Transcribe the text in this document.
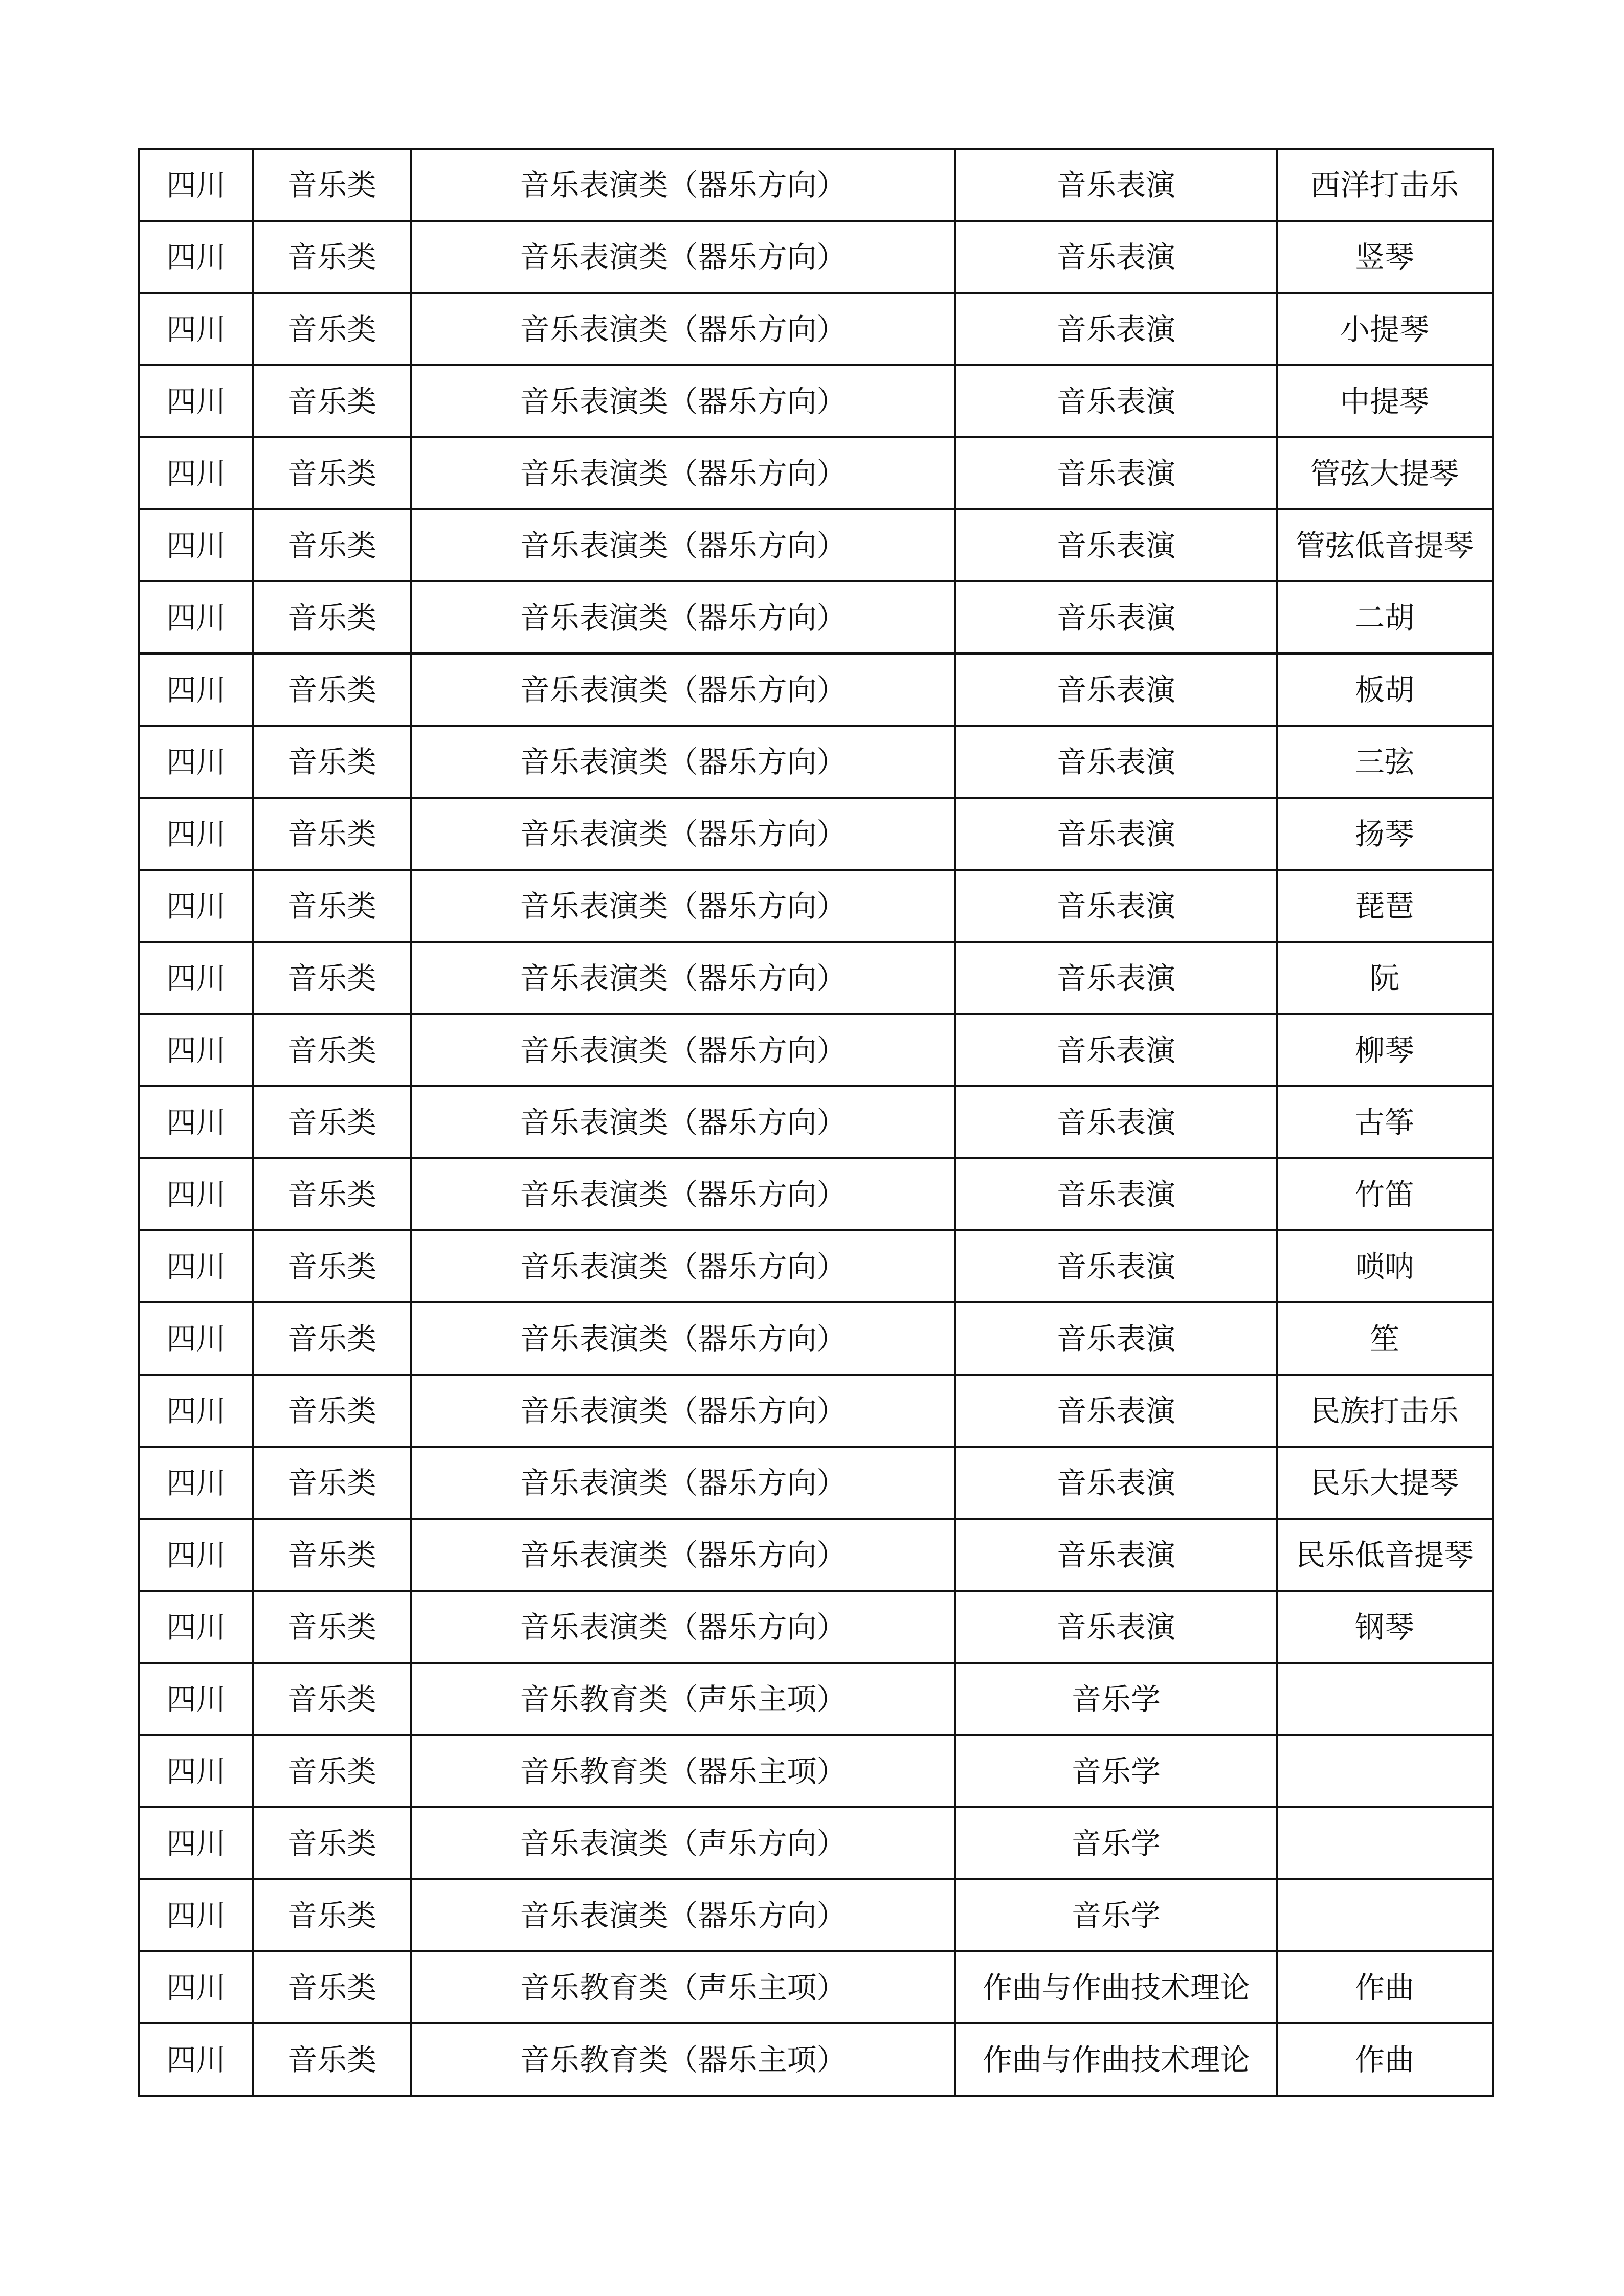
四川	音乐类	音乐表演类（器乐方向）	音乐表演	西洋打击乐
四川	音乐类	音乐表演类（器乐方向）	音乐表演	竖琴
四川	音乐类	音乐表演类（器乐方向）	音乐表演	小提琴
四川	音乐类	音乐表演类（器乐方向）	音乐表演	中提琴
四川	音乐类	音乐表演类（器乐方向）	音乐表演	管弦大提琴
四川	音乐类	音乐表演类（器乐方向）	音乐表演	管弦低音提琴
四川	音乐类	音乐表演类（器乐方向）	音乐表演	二胡
四川	音乐类	音乐表演类（器乐方向）	音乐表演	板胡
四川	音乐类	音乐表演类（器乐方向）	音乐表演	三弦
四川	音乐类	音乐表演类（器乐方向）	音乐表演	扬琴
四川	音乐类	音乐表演类（器乐方向）	音乐表演	琵琶
四川	音乐类	音乐表演类（器乐方向）	音乐表演	阮
四川	音乐类	音乐表演类（器乐方向）	音乐表演	柳琴
四川	音乐类	音乐表演类（器乐方向）	音乐表演	古筝
四川	音乐类	音乐表演类（器乐方向）	音乐表演	竹笛
四川	音乐类	音乐表演类（器乐方向）	音乐表演	唢呐
四川	音乐类	音乐表演类（器乐方向）	音乐表演	笙
四川	音乐类	音乐表演类（器乐方向）	音乐表演	民族打击乐
四川	音乐类	音乐表演类（器乐方向）	音乐表演	民乐大提琴
四川	音乐类	音乐表演类（器乐方向）	音乐表演	民乐低音提琴
四川	音乐类	音乐表演类（器乐方向）	音乐表演	钢琴
四川	音乐类	音乐教育类（声乐主项）	音乐学	
四川	音乐类	音乐教育类（器乐主项）	音乐学	
四川	音乐类	音乐表演类（声乐方向）	音乐学	
四川	音乐类	音乐表演类（器乐方向）	音乐学	
四川	音乐类	音乐教育类（声乐主项）	作曲与作曲技术理论	作曲
四川	音乐类	音乐教育类（器乐主项）	作曲与作曲技术理论	作曲
